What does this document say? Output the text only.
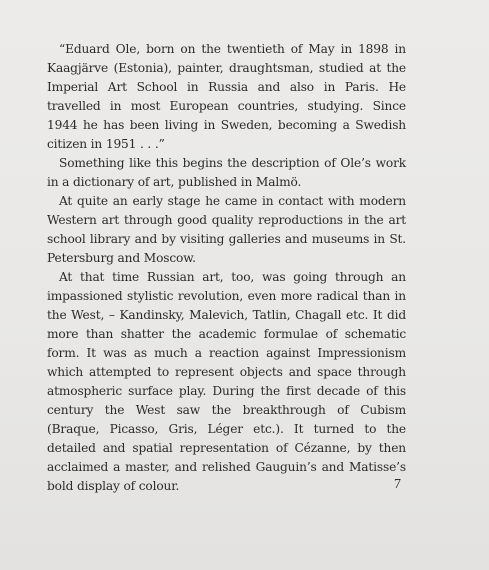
“Eduard Ole, born on the twentieth of May in 1898 in Kaagjärve (Estonia), painter, draughtsman, studied at the Imperial Art School in Russia and also in Paris. He travelled in most European countries, studying. Since 1944 he has been living in Sweden, becoming a Swedish citizen in 1951 . . .”

Something like this begins the description of Ole’s work in a dictionary of art, published in Malmö.

At quite an early stage he came in contact with modern Western art through good quality reproductions in the art school library and by visiting galleries and museums in St. Petersburg and Moscow.

At that time Russian art, too, was going through an impassioned stylistic revolution, even more radical than in the West, – Kandinsky, Malevich, Tatlin, Chagall etc. It did more than shatter the academic formulae of schematic form. It was as much a reaction against Impressionism which attempted to represent objects and space through atmospheric surface play. During the first decade of this century the West saw the breakthrough of Cubism (Braque, Picasso, Gris, Léger etc.). It turned to the detailed and spatial representation of Cézanne, by then acclaimed a master, and relished Gauguin’s and Matisse’s bold display of colour.	7
